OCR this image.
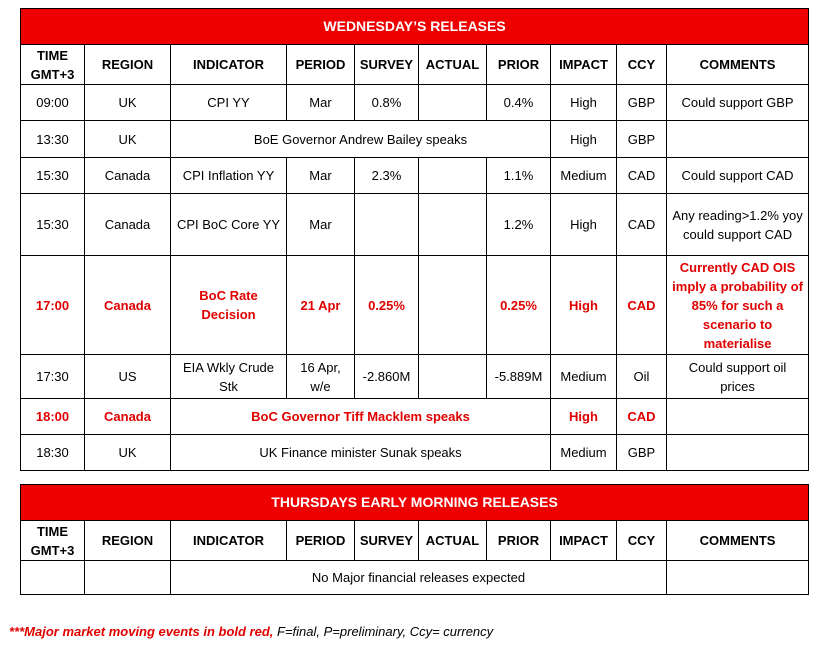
WEDNESDAY’S RELEASES									
TIME GMT+3	REGION	INDICATOR	PERIOD	SURVEY	ACTUAL	PRIOR	IMPACT	CCY	COMMENTS
09:00	UK	CPI YY	Mar	0.8%		0.4%	High	GBP	Could support GBP
13:30	UK	BoE Governor Andrew Bailey speaks					High	GBP	
15:30	Canada	CPI Inflation YY	Mar	2.3%		1.1%	Medium	CAD	Could support CAD
15:30	Canada	CPI BoC Core YY	Mar			1.2%	High	CAD	Any reading>1.2% yoy could support CAD
17:00	Canada	BoC Rate Decision	21 Apr	0.25%		0.25%	High	CAD	Currently CAD OIS imply a probability of 85% for such a scenario to materialise
17:30	US	EIA Wkly Crude Stk	16 Apr, w/e	-2.860M		-5.889M	Medium	Oil	Could support oil prices
18:00	Canada	BoC Governor Tiff Macklem speaks					High	CAD	
18:30	UK	UK Finance minister Sunak speaks					Medium	GBP	
THURSDAYS EARLY MORNING RELEASES									
TIME GMT+3	REGION	INDICATOR	PERIOD	SURVEY	ACTUAL	PRIOR	IMPACT	CCY	COMMENTS
		No Major financial releases expected							
***Major market moving events in bold red, F=final, P=preliminary, Ccy= currency
